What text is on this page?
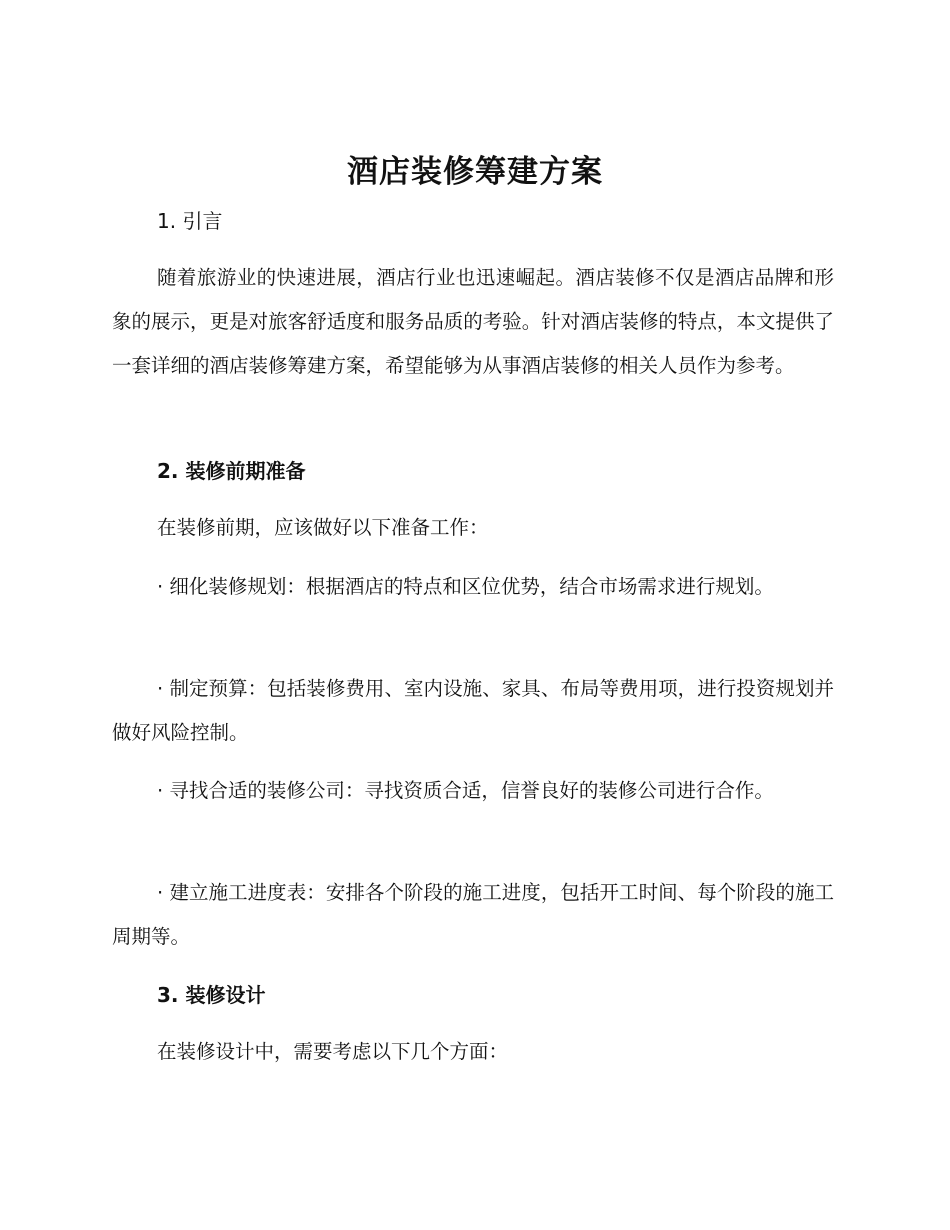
酒店装修筹建方案
1. 引言

随着旅游业的快速进展，酒店行业也迅速崛起。酒店装修不仅是酒店品牌和形象的展示，更是对旅客舒适度和服务品质的考验。针对酒店装修的特点，本文提供了一套详细的酒店装修筹建方案，希望能够为从事酒店装修的相关人员作为参考。

2. 装修前期准备

在装修前期，应该做好以下准备工作：

· 细化装修规划：根据酒店的特点和区位优势，结合市场需求进行规划。

· 制定预算：包括装修费用、室内设施、家具、布局等费用项，进行投资规划并做好风险控制。

· 寻找合适的装修公司：寻找资质合适，信誉良好的装修公司进行合作。

· 建立施工进度表：安排各个阶段的施工进度，包括开工时间、每个阶段的施工周期等。

3. 装修设计

在装修设计中，需要考虑以下几个方面：
